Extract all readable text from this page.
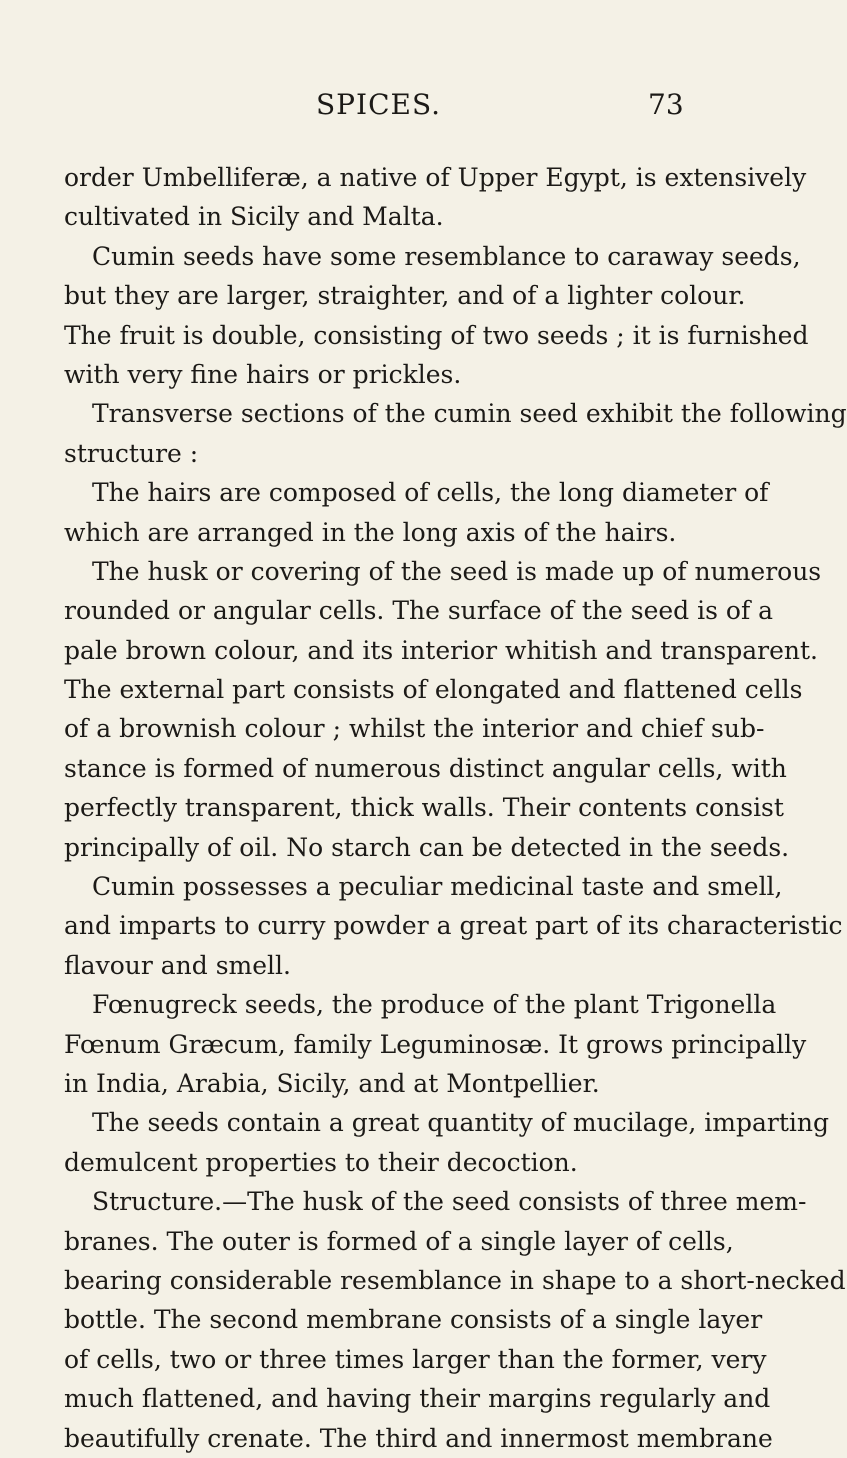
SPICES.	73
order Umbelliferæ, a native of Upper Egypt, is extensively
cultivated in Sicily and Malta.
Cumin seeds have some resemblance to caraway seeds,
but they are larger, straighter, and of a lighter colour.
The fruit is double, consisting of two seeds ; it is furnished
with very fine hairs or prickles.
Transverse sections of the cumin seed exhibit the following
structure :
The hairs are composed of cells, the long diameter of
which are arranged in the long axis of the hairs.
The husk or covering of the seed is made up of numerous
rounded or angular cells. The surface of the seed is of a
pale brown colour, and its interior whitish and transparent.
The external part consists of elongated and flattened cells
of a brownish colour ; whilst the interior and chief sub-
stance is formed of numerous distinct angular cells, with
perfectly transparent, thick walls. Their contents consist
principally of oil. No starch can be detected in the seeds.
Cumin possesses a peculiar medicinal taste and smell,
and imparts to curry powder a great part of its characteristic
flavour and smell.
Fœnugreck seeds, the produce of the plant Trigonella
Fœnum Græcum, family Leguminosæ. It grows principally
in India, Arabia, Sicily, and at Montpellier.
The seeds contain a great quantity of mucilage, imparting
demulcent properties to their decoction.
Structure.—The husk of the seed consists of three mem-
branes. The outer is formed of a single layer of cells,
bearing considerable resemblance in shape to a short-necked
bottle. The second membrane consists of a single layer
of cells, two or three times larger than the former, very
much flattened, and having their margins regularly and
beautifully crenate. The third and innermost membrane
